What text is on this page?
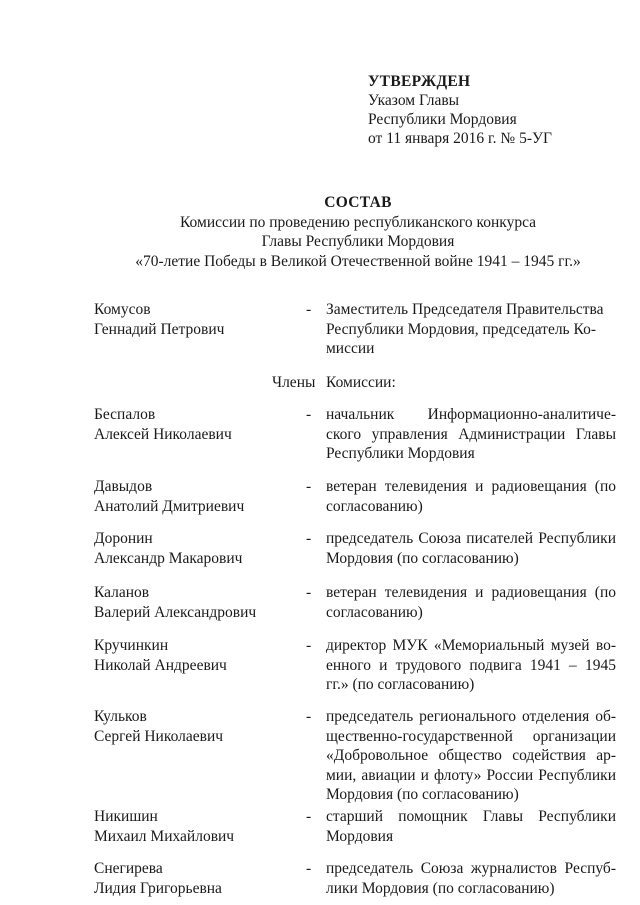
УТВЕРЖДЕН
Указом Главы
Республики Мордовия
от 11 января 2016 г. № 5-УГ
СОСТАВ
Комиссии по проведению республиканского конкурса
Главы Республики Мордовия
«70-летие Победы в Великой Отечественной войне 1941 – 1945 гг.»
Комусов
Геннадий Петрович
- Заместитель Председателя Правительства
Республики Мордовия, председатель Ко-
миссии
Члены Комиссии:
Беспалов
Алексей Николаевич
- начальник Информационно-аналитиче-
ского управления Администрации Главы
Республики Мордовия
Давыдов
Анатолий Дмитриевич
- ветеран телевидения и радиовещания (по
согласованию)
Доронин
Александр Макарович
- председатель Союза писателей Республики
Мордовия (по согласованию)
Каланов
Валерий Александрович
- ветеран телевидения и радиовещания (по
согласованию)
Кручинкин
Николай Андреевич
- директор МУК «Мемориальный музей во-
енного и трудового подвига 1941 – 1945
гг.» (по согласованию)
Кульков
Сергей Николаевич
- председатель регионального отделения об-
щественно-государственной организации
«Добровольное общество содействия ар-
мии, авиации и флоту» России Республики
Мордовия (по согласованию)
Никишин
Михаил Михайлович
- старший помощник Главы Республики
Мордовия
Снегирева
Лидия Григорьевна
- председатель Союза журналистов Респуб-
лики Мордовия (по согласованию)
